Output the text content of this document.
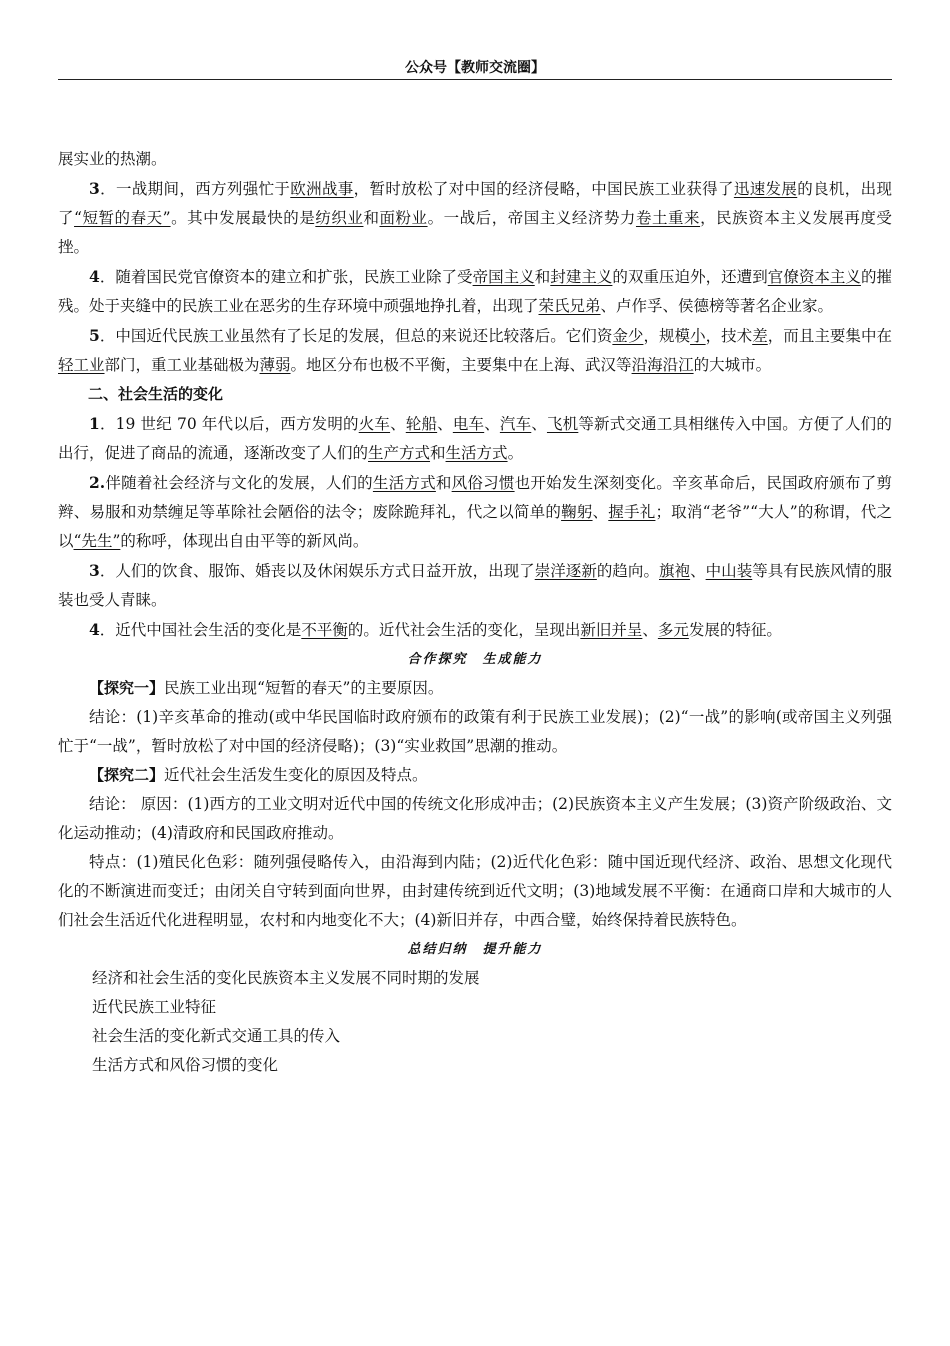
公众号【教师交流圈】

展实业的热潮。

3．一战期间，西方列强忙于欧洲战事，暂时放松了对中国的经济侵略，中国民族工业获得了迅速发展的良机，出现了“短暂的春天”。其中发展最快的是纺织业和面粉业。一战后，帝国主义经济势力卷土重来，民族资本主义发展再度受挫。

4．随着国民党官僚资本的建立和扩张，民族工业除了受帝国主义和封建主义的双重压迫外，还遭到官僚资本主义的摧残。处于夹缝中的民族工业在恶劣的生存环境中顽强地挣扎着，出现了荣氏兄弟、卢作孚、侯德榜等著名企业家。

5．中国近代民族工业虽然有了长足的发展，但总的来说还比较落后。它们资金少，规模小，技术差，而且主要集中在轻工业部门，重工业基础极为薄弱。地区分布也极不平衡，主要集中在上海、武汉等沿海沿江的大城市。

二、社会生活的变化

1．19 世纪 70 年代以后，西方发明的火车、轮船、电车、汽车、飞机等新式交通工具相继传入中国。方便了人们的出行，促进了商品的流通，逐渐改变了人们的生产方式和生活方式。

2.伴随着社会经济与文化的发展，人们的生活方式和风俗习惯也开始发生深刻变化。辛亥革命后，民国政府颁布了剪辫、易服和劝禁缠足等革除社会陋俗的法令；废除跪拜礼，代之以简单的鞠躬、握手礼；取消“老爷”“大人”的称谓，代之以“先生”的称呼，体现出自由平等的新风尚。

3．人们的饮食、服饰、婚丧以及休闲娱乐方式日益开放，出现了崇洋逐新的趋向。旗袍、中山装等具有民族风情的服装也受人青睐。

4．近代中国社会生活的变化是不平衡的。近代社会生活的变化，呈现出新旧并呈、多元发展的特征。

合作探究　生成能力

【探究一】民族工业出现“短暂的春天”的主要原因。

结论：(1)辛亥革命的推动(或中华民国临时政府颁布的政策有利于民族工业发展)；(2)“一战”的影响(或帝国主义列强忙于“一战”，暂时放松了对中国的经济侵略)；(3)“实业救国”思潮的推动。

【探究二】近代社会生活发生变化的原因及特点。

结论： 原因：(1)西方的工业文明对近代中国的传统文化形成冲击；(2)民族资本主义产生发展；(3)资产阶级政治、文化运动推动；(4)清政府和民国政府推动。

特点：(1)殖民化色彩：随列强侵略传入，由沿海到内陆；(2)近代化色彩：随中国近现代经济、政治、思想文化现代化的不断演进而变迁；由闭关自守转到面向世界，由封建传统到近代文明；(3)地域发展不平衡：在通商口岸和大城市的人们社会生活近代化进程明显，农村和内地变化不大；(4)新旧并存，中西合璧，始终保持着民族特色。

总结归纳　提升能力

经济和社会生活的变化民族资本主义发展不同时期的发展

近代民族工业特征

社会生活的变化新式交通工具的传入

生活方式和风俗习惯的变化
